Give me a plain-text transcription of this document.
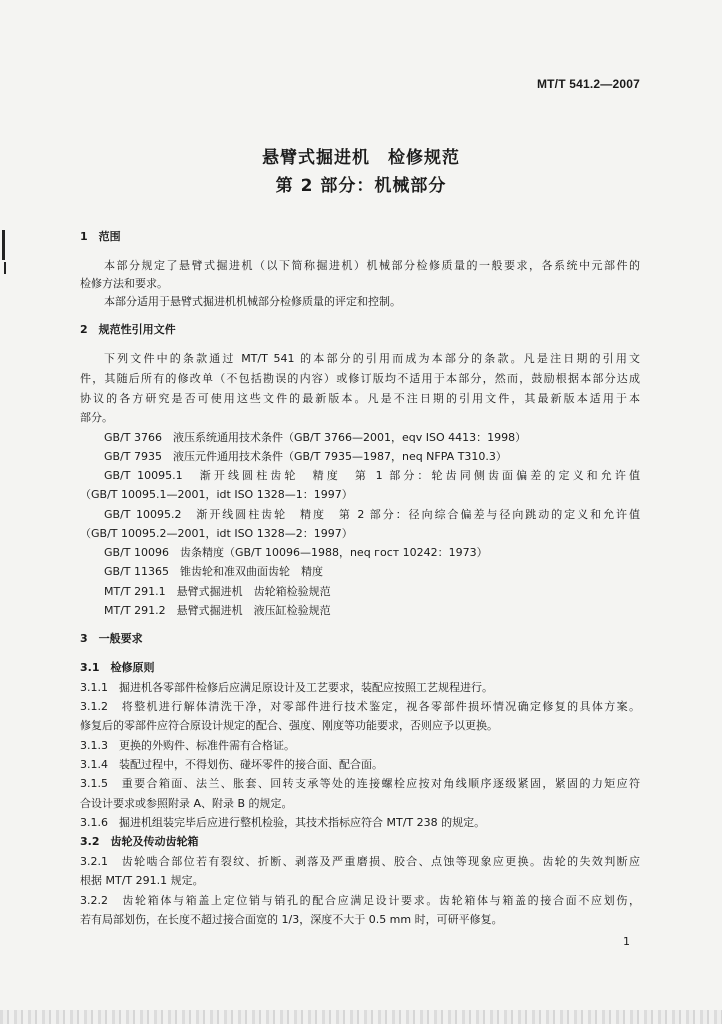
MT/T 541.2—2007
悬臂式掘进机　检修规范
第 2 部分：机械部分
1　范围
本部分规定了悬臂式掘进机（以下简称掘进机）机械部分检修质量的一般要求，各系统中元部件的
检修方法和要求。
本部分适用于悬臂式掘进机机械部分检修质量的评定和控制。
2　规范性引用文件
下列文件中的条款通过 MT/T 541 的本部分的引用而成为本部分的条款。凡是注日期的引用文
件，其随后所有的修改单（不包括勘误的内容）或修订版均不适用于本部分，然而，鼓励根据本部分达成
协议的各方研究是否可使用这些文件的最新版本。凡是不注日期的引用文件，其最新版本适用于本
部分。
GB/T 3766　液压系统通用技术条件（GB/T 3766—2001，eqv ISO 4413：1998）
GB/T 7935　液压元件通用技术条件（GB/T 7935—1987，neq NFPA T310.3）
GB/T 10095.1　渐开线圆柱齿轮　精度　第 1 部分：轮齿同侧齿面偏差的定义和允许值
（GB/T 10095.1—2001，idt ISO 1328—1：1997）
GB/T 10095.2　渐开线圆柱齿轮　精度　第 2 部分：径向综合偏差与径向跳动的定义和允许值
（GB/T 10095.2—2001，idt ISO 1328—2：1997）
GB/T 10096　齿条精度（GB/T 10096—1988，neq гост 10242：1973）
GB/T 11365　锥齿轮和准双曲面齿轮　精度
MT/T 291.1　悬臂式掘进机　齿轮箱检验规范
MT/T 291.2　悬臂式掘进机　液压缸检验规范
3　一般要求
3.1　检修原则
3.1.1　掘进机各零部件检修后应满足原设计及工艺要求，装配应按照工艺规程进行。
3.1.2　将整机进行解体清洗干净，对零部件进行技术鉴定，视各零部件损坏情况确定修复的具体方案。
修复后的零部件应符合原设计规定的配合、强度、刚度等功能要求，否则应予以更换。
3.1.3　更换的外购件、标准件需有合格证。
3.1.4　装配过程中，不得划伤、碰坏零件的接合面、配合面。
3.1.5　重要合箱面、法兰、胀套、回转支承等处的连接螺栓应按对角线顺序逐级紧固，紧固的力矩应符
合设计要求或参照附录 A、附录 B 的规定。
3.1.6　掘进机组装完毕后应进行整机检验，其技术指标应符合 MT/T 238 的规定。
3.2　齿轮及传动齿轮箱
3.2.1　齿轮啮合部位若有裂纹、折断、剥落及严重磨损、胶合、点蚀等现象应更换。齿轮的失效判断应
根据 MT/T 291.1 规定。
3.2.2　齿轮箱体与箱盖上定位销与销孔的配合应满足设计要求。齿轮箱体与箱盖的接合面不应划伤，
若有局部划伤，在长度不超过接合面宽的 1/3，深度不大于 0.5 mm 时，可研平修复。
1
